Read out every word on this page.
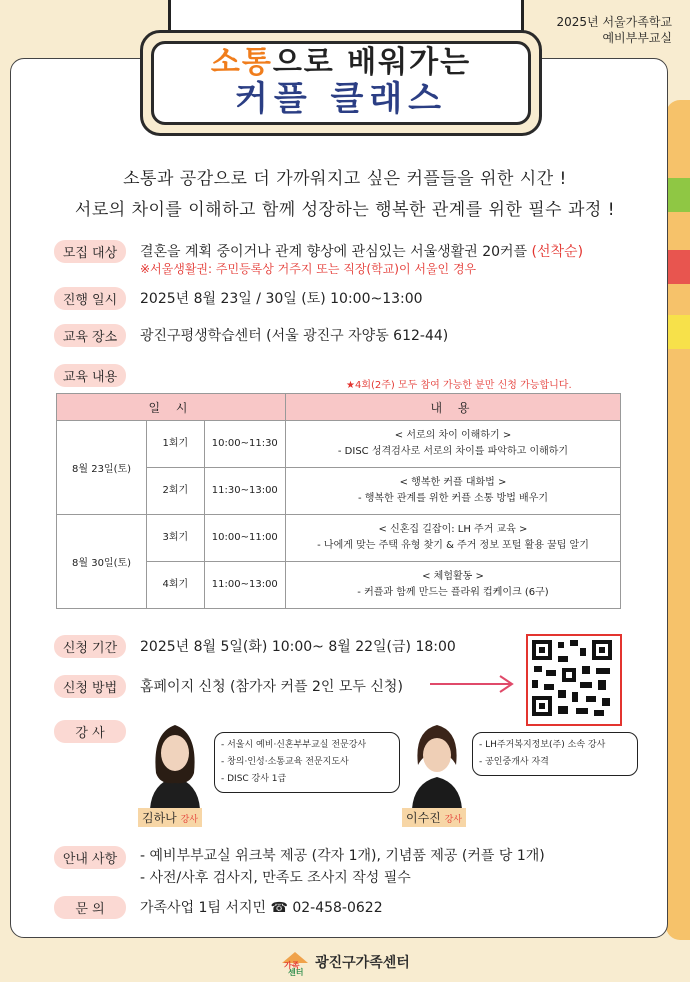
2025년 서울가족학교
예비부부교실
소통으로 배워가는
커플 클래스
소통과 공감으로 더 가까워지고 싶은 커플들을 위한 시간 !
서로의 차이를 이해하고 함께 성장하는 행복한 관계를 위한 필수 과정 !
모집 대상	결혼을 계획 중이거나 관계 향상에 관심있는 서울생활권 20커플 (선착순)
※서울생활권: 주민등록상 거주지 또는 직장(학교)이 서울인 경우
진행 일시	2025년 8월 23일 / 30일 (토) 10:00~13:00
교육 장소	광진구평생학습센터 (서울 광진구 자양동 612-44)
교육 내용
★4회(2주) 모두 참여 가능한 분만 신청 가능합니다.
일 시			내 용
8월 23일(토)	1회기	10:00~11:30	< 서로의 차이 이해하기 >
- DISC 성격검사로 서로의 차이를 파악하고 이해하기

	2회기	11:30~13:00	< 행복한 커플 대화법 >
- 행복한 관계를 위한 커플 소통 방법 배우기

8월 30일(토)	3회기	10:00~11:00	< 신혼집 길잡이: LH 주거 교육 >
- 나에게 맞는 주택 유형 찾기 & 주거 정보 포털 활용 꿀팁 알기

	4회기	11:00~13:00	< 체험활동 >
- 커플과 함께 만드는 플라워 컵케이크 (6구)
신청 기간	2025년 8월 5일(화) 10:00~ 8월 22일(금) 18:00
신청 방법	홈페이지 신청 (참가자 커플 2인 모두 신청)
강 사
- 서울시 예비·신혼부부교실 전문강사
- 창의·인성·소통교육 전문지도사
- DISC 강사 1급
김하나 강사
- LH주거복지정보(주) 소속 강사
- 공인중개사 자격
이수진 강사
안내 사항	- 예비부부교실 위크북 제공 (각자 1개), 기념품 제공 (커플 당 1개)
- 사전/사후 검사지, 만족도 조사지 작성 필수
문 의	가족사업 1팀 서지민 ☎ 02-458-0622
가족
센터
광진구가족센터
